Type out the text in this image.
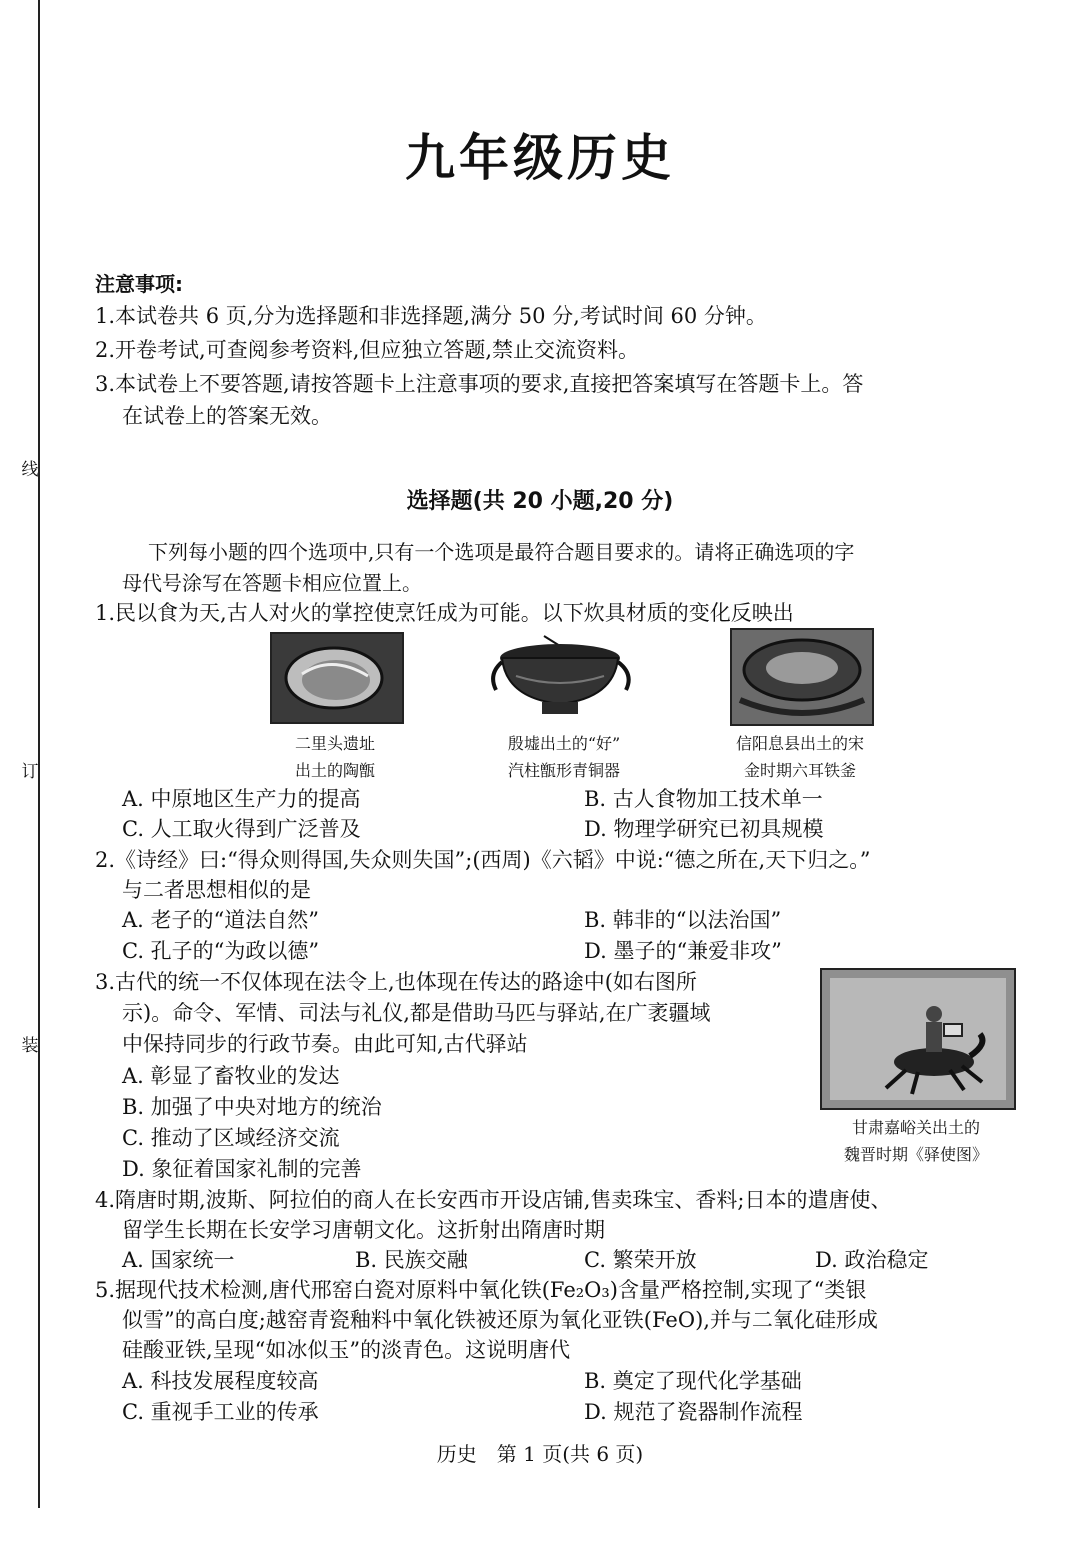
线
订
装
九年级历史
注意事项:
1.本试卷共 6 页,分为选择题和非选择题,满分 50 分,考试时间 60 分钟。
2.开卷考试,可查阅参考资料,但应独立答题,禁止交流资料。
3.本试卷上不要答题,请按答题卡上注意事项的要求,直接把答案填写在答题卡上。答
在试卷上的答案无效。
选择题(共 20 小题,20 分)
下列每小题的四个选项中,只有一个选项是最符合题目要求的。请将正确选项的字
母代号涂写在答题卡相应位置上。
1.民以食为天,古人对火的掌控使烹饪成为可能。以下炊具材质的变化反映出
二里头遗址
出土的陶甑
殷墟出土的“好”
汽柱甑形青铜器
信阳息县出土的宋
金时期六耳铁釜
A. 中原地区生产力的提高	B. 古人食物加工技术单一
C. 人工取火得到广泛普及	D. 物理学研究已初具规模
2.《诗经》曰:“得众则得国,失众则失国”;(西周)《六韬》中说:“德之所在,天下归之。”
与二者思想相似的是
A. 老子的“道法自然”	B. 韩非的“以法治国”
C. 孔子的“为政以德”	D. 墨子的“兼爱非攻”
3.古代的统一不仅体现在法令上,也体现在传达的路途中(如右图所
示)。命令、军情、司法与礼仪,都是借助马匹与驿站,在广袤疆域
中保持同步的行政节奏。由此可知,古代驿站
A. 彰显了畜牧业的发达
B. 加强了中央对地方的统治
C. 推动了区域经济交流
D. 象征着国家礼制的完善
甘肃嘉峪关出土的
魏晋时期《驿使图》
4.隋唐时期,波斯、阿拉伯的商人在长安西市开设店铺,售卖珠宝、香料;日本的遣唐使、
留学生长期在长安学习唐朝文化。这折射出隋唐时期
A. 国家统一	B. 民族交融	C. 繁荣开放	D. 政治稳定
5.据现代技术检测,唐代邢窑白瓷对原料中氧化铁(Fe₂O₃)含量严格控制,实现了“类银
似雪”的高白度;越窑青瓷釉料中氧化铁被还原为氧化亚铁(FeO),并与二氧化硅形成
硅酸亚铁,呈现“如冰似玉”的淡青色。这说明唐代
A. 科技发展程度较高	B. 奠定了现代化学基础
C. 重视手工业的传承	D. 规范了瓷器制作流程
历史　第 1 页(共 6 页)
